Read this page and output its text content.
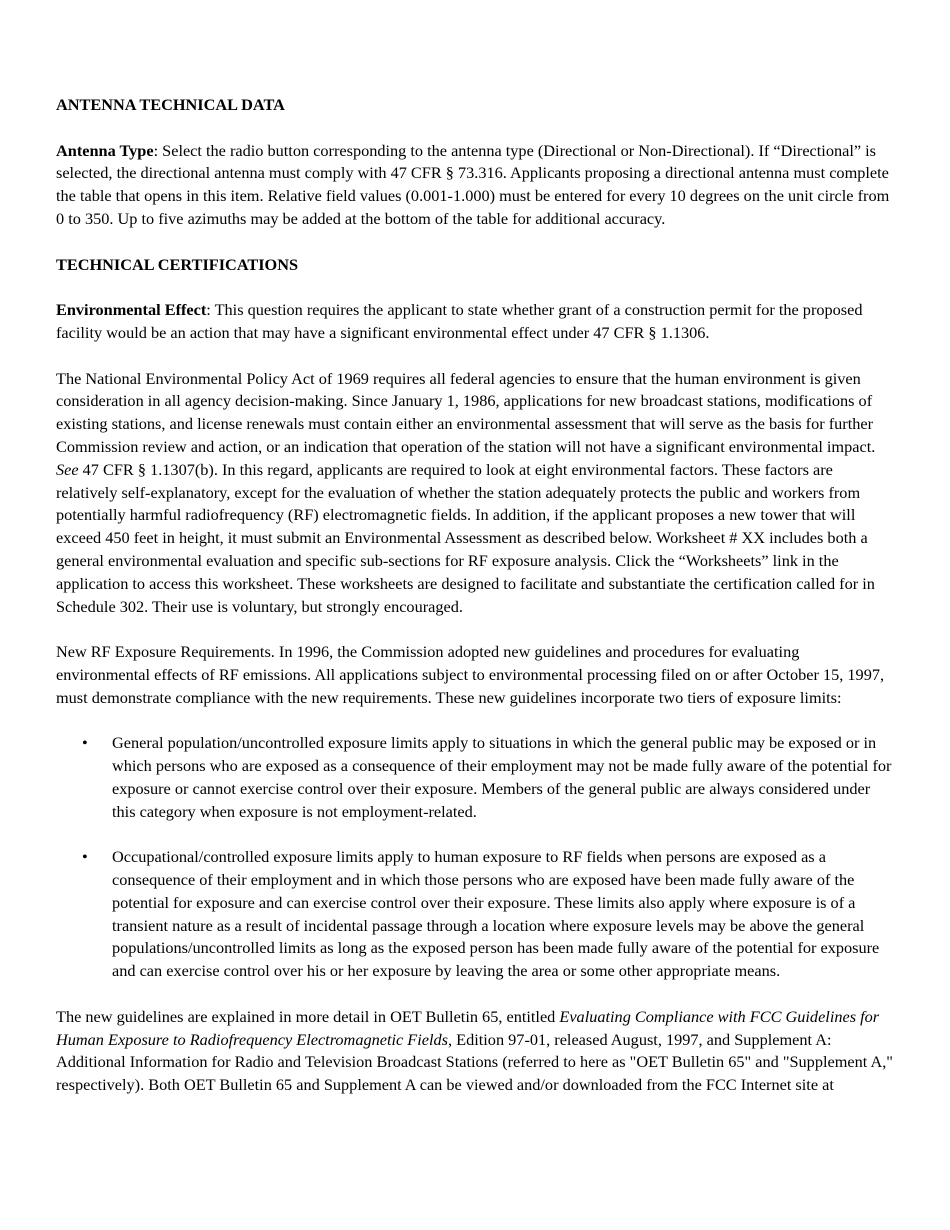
ANTENNA TECHNICAL DATA

Antenna Type: Select the radio button corresponding to the antenna type (Directional or Non-Directional). If “Directional” is selected, the directional antenna must comply with 47 CFR § 73.316. Applicants proposing a directional antenna must complete the table that opens in this item. Relative field values (0.001-1.000) must be entered for every 10 degrees on the unit circle from 0 to 350. Up to five azimuths may be added at the bottom of the table for additional accuracy.

TECHNICAL CERTIFICATIONS

Environmental Effect: This question requires the applicant to state whether grant of a construction permit for the proposed facility would be an action that may have a significant environmental effect under 47 CFR § 1.1306.

The National Environmental Policy Act of 1969 requires all federal agencies to ensure that the human environment is given consideration in all agency decision-making. Since January 1, 1986, applications for new broadcast stations, modifications of existing stations, and license renewals must contain either an environmental assessment that will serve as the basis for further Commission review and action, or an indication that operation of the station will not have a significant environmental impact. See 47 CFR § 1.1307(b). In this regard, applicants are required to look at eight environmental factors. These factors are relatively self-explanatory, except for the evaluation of whether the station adequately protects the public and workers from potentially harmful radiofrequency (RF) electromagnetic fields. In addition, if the applicant proposes a new tower that will exceed 450 feet in height, it must submit an Environmental Assessment as described below. Worksheet # XX includes both a general environmental evaluation and specific sub-sections for RF exposure analysis. Click the “Worksheets” link in the application to access this worksheet. These worksheets are designed to facilitate and substantiate the certification called for in Schedule 302. Their use is voluntary, but strongly encouraged.

New RF Exposure Requirements. In 1996, the Commission adopted new guidelines and procedures for evaluating environmental effects of RF emissions. All applications subject to environmental processing filed on or after October 15, 1997, must demonstrate compliance with the new requirements. These new guidelines incorporate two tiers of exposure limits:

• General population/uncontrolled exposure limits apply to situations in which the general public may be exposed or in which persons who are exposed as a consequence of their employment may not be made fully aware of the potential for exposure or cannot exercise control over their exposure. Members of the general public are always considered under this category when exposure is not employment-related.
• Occupational/controlled exposure limits apply to human exposure to RF fields when persons are exposed as a consequence of their employment and in which those persons who are exposed have been made fully aware of the potential for exposure and can exercise control over their exposure. These limits also apply where exposure is of a transient nature as a result of incidental passage through a location where exposure levels may be above the general populations/uncontrolled limits as long as the exposed person has been made fully aware of the potential for exposure and can exercise control over his or her exposure by leaving the area or some other appropriate means.

The new guidelines are explained in more detail in OET Bulletin 65, entitled Evaluating Compliance with FCC Guidelines for Human Exposure to Radiofrequency Electromagnetic Fields, Edition 97-01, released August, 1997, and Supplement A: Additional Information for Radio and Television Broadcast Stations (referred to here as "OET Bulletin 65" and "Supplement A," respectively). Both OET Bulletin 65 and Supplement A can be viewed and/or downloaded from the FCC Internet site at
